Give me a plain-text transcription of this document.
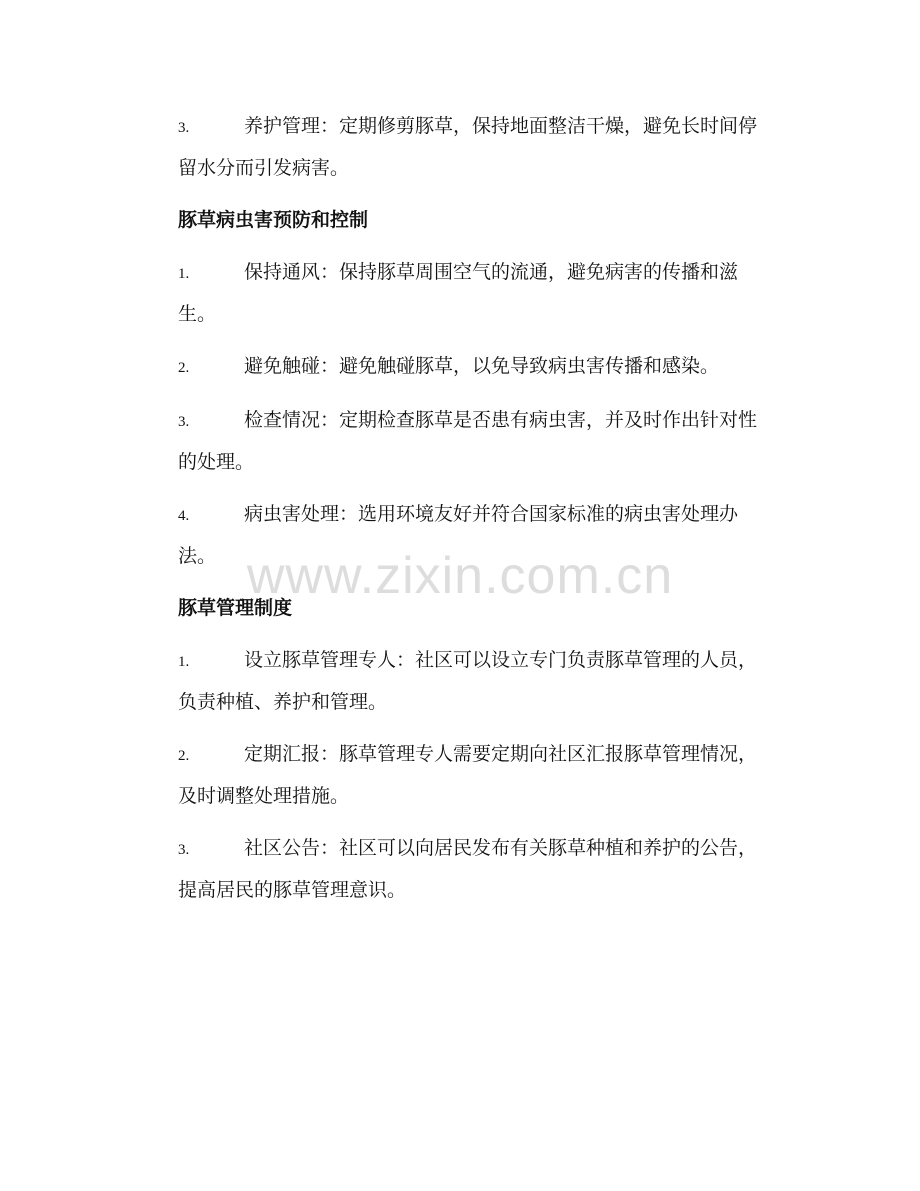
3.	养护管理：定期修剪豚草，保持地面整洁干燥，避免长时间停留水分而引发病害。

豚草病虫害预防和控制

1.	保持通风：保持豚草周围空气的流通，避免病害的传播和滋生。

2.	避免触碰：避免触碰豚草，以免导致病虫害传播和感染。

3.	检查情况：定期检查豚草是否患有病虫害，并及时作出针对性的处理。

4.	病虫害处理：选用环境友好并符合国家标准的病虫害处理办法。

豚草管理制度

1.	设立豚草管理专人：社区可以设立专门负责豚草管理的人员，负责种植、养护和管理。

2.	定期汇报：豚草管理专人需要定期向社区汇报豚草管理情况，及时调整处理措施。

3.	社区公告：社区可以向居民发布有关豚草种植和养护的公告，提高居民的豚草管理意识。

www.zixin.com.cn
